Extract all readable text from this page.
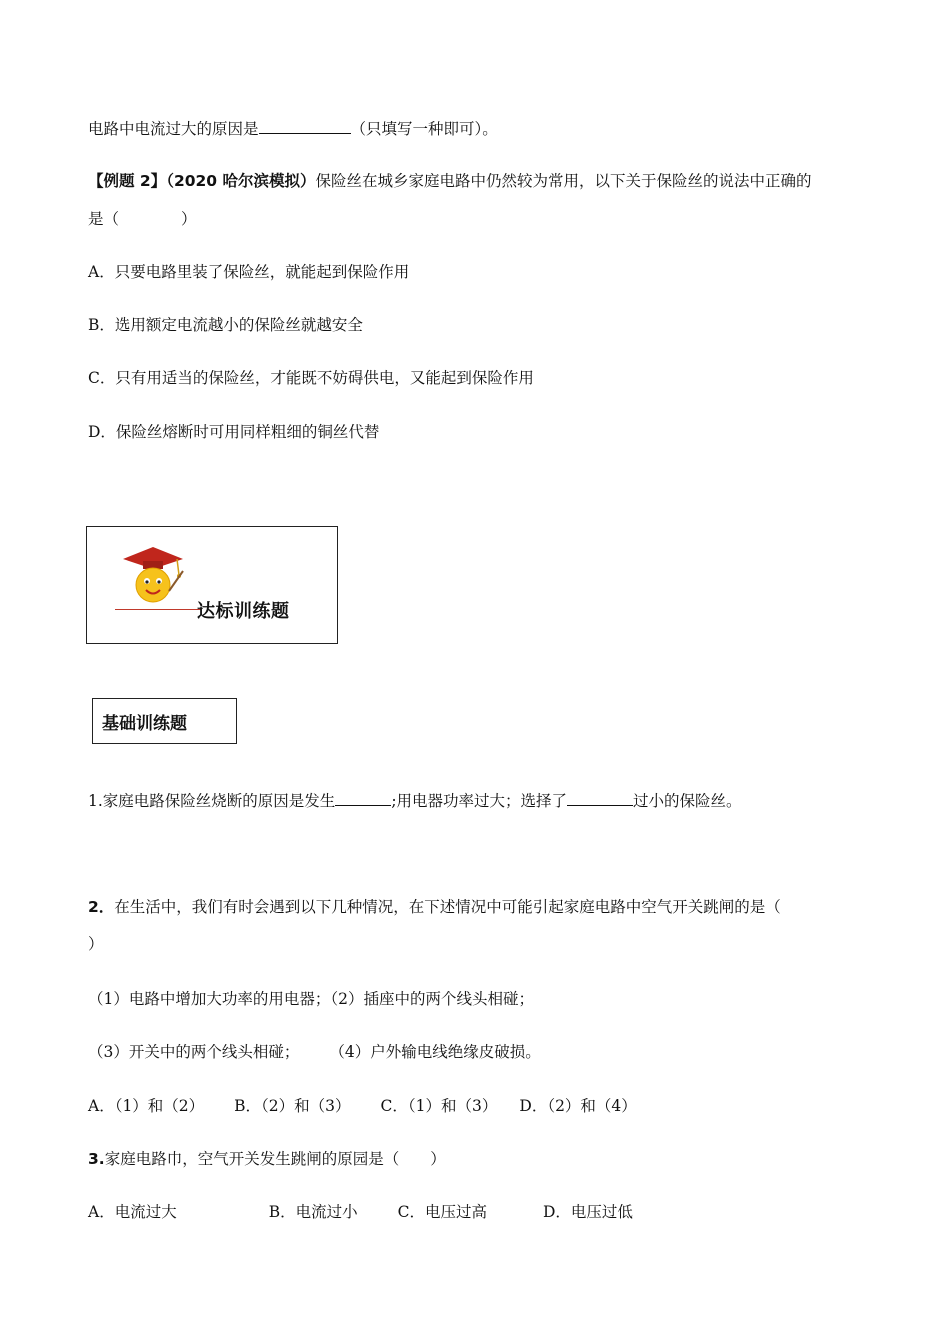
电路中电流过大的原因是	（只填写一种即可）。
【例题 2】（2020 哈尔滨模拟）保险丝在城乡家庭电路中仍然较为常用，以下关于保险丝的说法中正确的
是（　　　　）
A．只要电路里装了保险丝，就能起到保险作用
B．选用额定电流越小的保险丝就越安全
C．只有用适当的保险丝，才能既不妨碍供电，又能起到保险作用
D．保险丝熔断时可用同样粗细的铜丝代替
达标训练题
基础训练题
1.家庭电路保险丝烧断的原因是发生	;用电器功率过大；选择了	过小的保险丝。
2．在生活中，我们有时会遇到以下几种情况，在下述情况中可能引起家庭电路中空气开关跳闸的是（
）
（1）电路中增加大功率的用电器；（2）插座中的两个线头相碰；
（3）开关中的两个线头相碰； （4）户外输电线绝缘皮破损。
A．（1）和（2） B．（2）和（3） C．（1）和（3） D．（2）和（4）
3.家庭电路巾，空气开关发生跳闸的原园是（　　）
A．电流过大	B．电流过小	C．电压过高	D．电压过低
